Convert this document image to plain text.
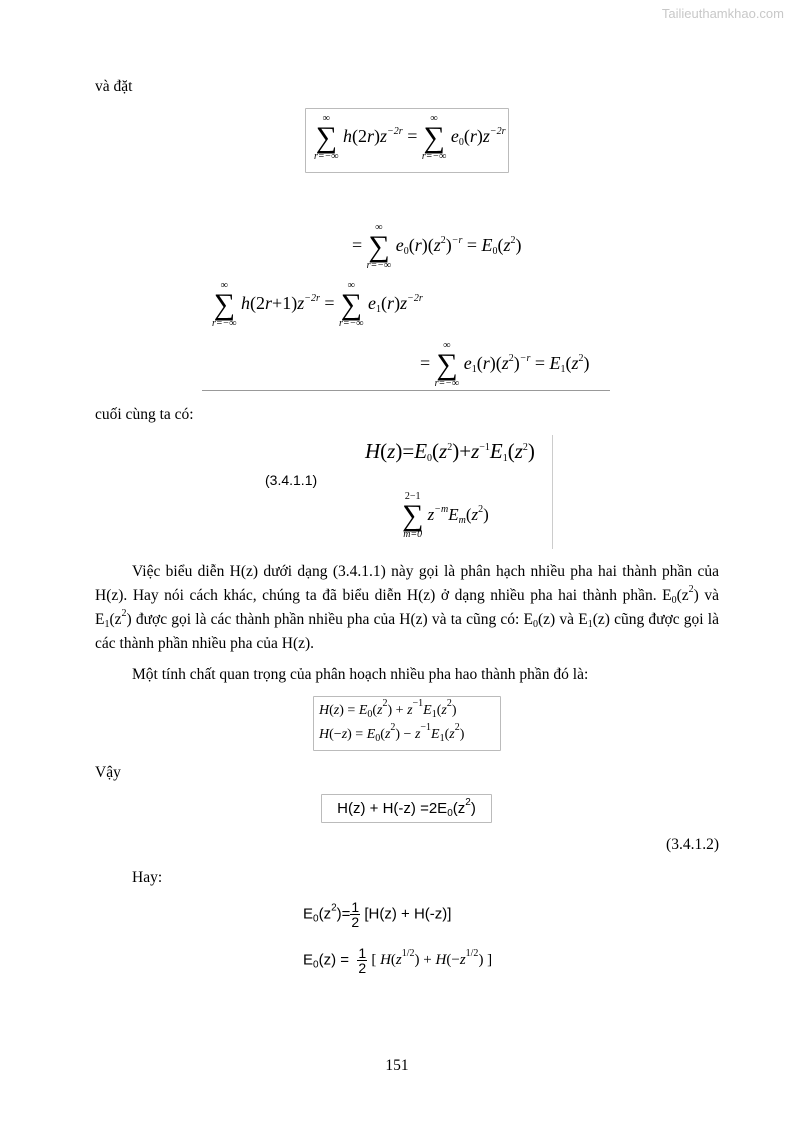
Tailieuthamkhao.com
và đặt
∞
∑
r=−∞
$h(2r)z^{-2r}$ =
∞
∑
r=−∞
$e_0(r)z^{-2r}$
=
∞
∑
r=−∞
$e_0(r)(z^2)^{-r} = E_0(z^2)$
∞
∑
r=−∞
$h(2r+1)z^{-2r}$ =
∞
∑
r=−∞
$e_1(r)z^{-2r}$
=
∞
∑
r=−∞
$e_1(r)(z^2)^{-r} = E_1(z^2)$
cuối cùng ta có:
(3.4.1.1)
$H(z)=E_0(z^2)+z^{-1}E_1(z^2)$
2−1
∑
m=0
$z^{-m}E_m(z^2)$
Việc biểu diễn H(z) dưới dạng (3.4.1.1) này gọi là phân hạch nhiều pha hai thành phần của H(z). Hay nói cách khác, chúng ta đã biểu diễn H(z) ở dạng nhiều pha hai thành phần. $E_0(z^2)$ và $E_1(z^2)$ được gọi là các thành phần nhiều pha của H(z) và ta cũng có: $E_0(z)$ và $E_1(z)$ cũng được gọi là các thành phần nhiều pha của H(z).
Một tính chất quan trọng của phân hoạch nhiều pha hao thành phần đó là:
$H(z) = E_0(z^2) + z^{-1}E_1(z^2)$
$H(-z) = E_0(z^2) - z^{-1}E_1(z^2)$
Vậy
$H(z) + H(-z) =2E_0(z^2)$
(3.4.1.2)
Hay:
$E_0(z^2)= \frac{1}{2} [H(z) + H(-z)]$
$E_0(z) = \frac{1}{2}$ [ $H(z^{1/2}) + H(-z^{1/2})$ ]
151
